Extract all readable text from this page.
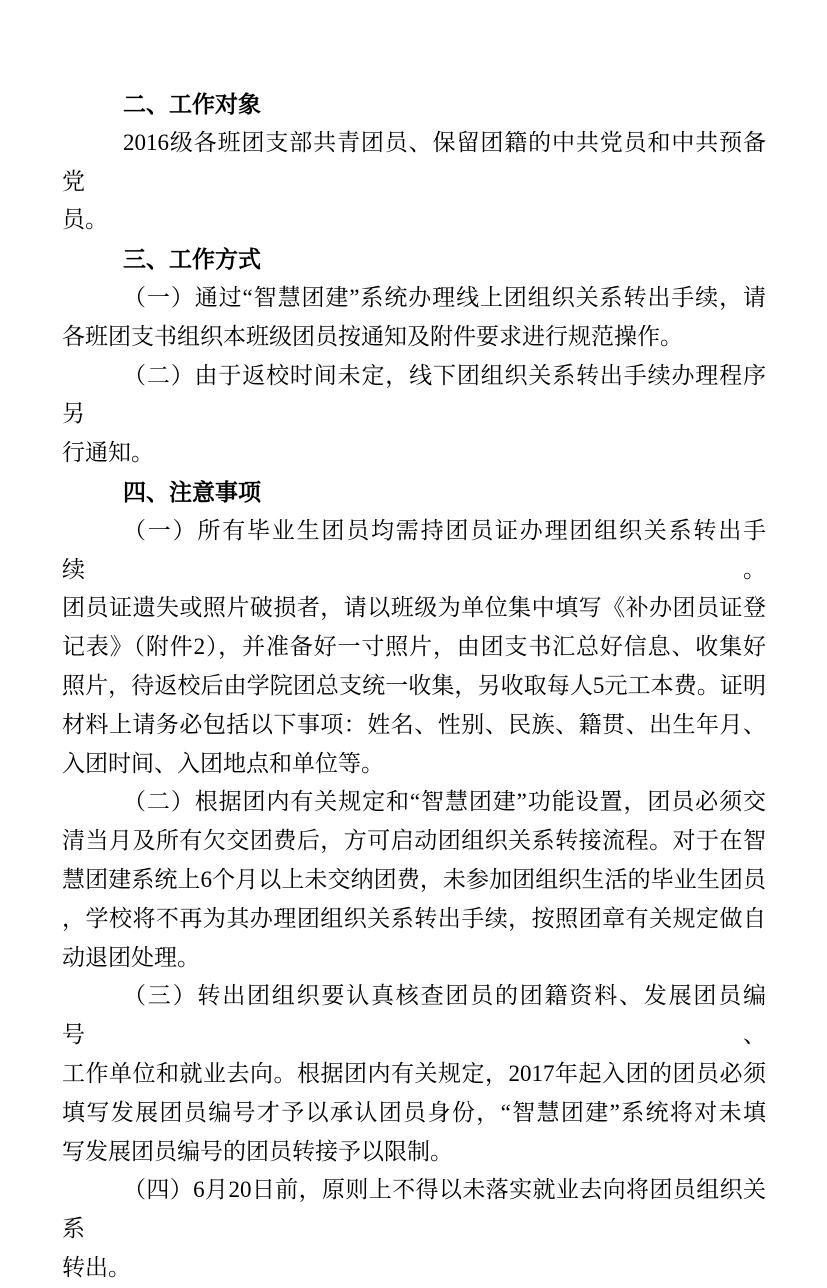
二、工作对象
2016级各班团支部共青团员、保留团籍的中共党员和中共预备党
员。
三、工作方式
（一）通过“智慧团建”系统办理线上团组织关系转出手续，请
各班团支书组织本班级团员按通知及附件要求进行规范操作。
（二）由于返校时间未定，线下团组织关系转出手续办理程序另
行通知。
四、注意事项
（一）所有毕业生团员均需持团员证办理团组织关系转出手续。
团员证遗失或照片破损者，请以班级为单位集中填写《补办团员证登
记表》（附件2），并准备好一寸照片，由团支书汇总好信息、收集好
照片，待返校后由学院团总支统一收集，另收取每人5元工本费。证明
材料上请务必包括以下事项：姓名、性别、民族、籍贯、出生年月、
入团时间、入团地点和单位等。
（二）根据团内有关规定和“智慧团建”功能设置，团员必须交
清当月及所有欠交团费后，方可启动团组织关系转接流程。对于在智
慧团建系统上6个月以上未交纳团费，未参加团组织生活的毕业生团员
，学校将不再为其办理团组织关系转出手续，按照团章有关规定做自
动退团处理。
（三）转出团组织要认真核查团员的团籍资料、发展团员编号、
工作单位和就业去向。根据团内有关规定，2017年起入团的团员必须
填写发展团员编号才予以承认团员身份，“智慧团建”系统将对未填
写发展团员编号的团员转接予以限制。
（四）6月20日前，原则上不得以未落实就业去向将团员组织关系
转出。
